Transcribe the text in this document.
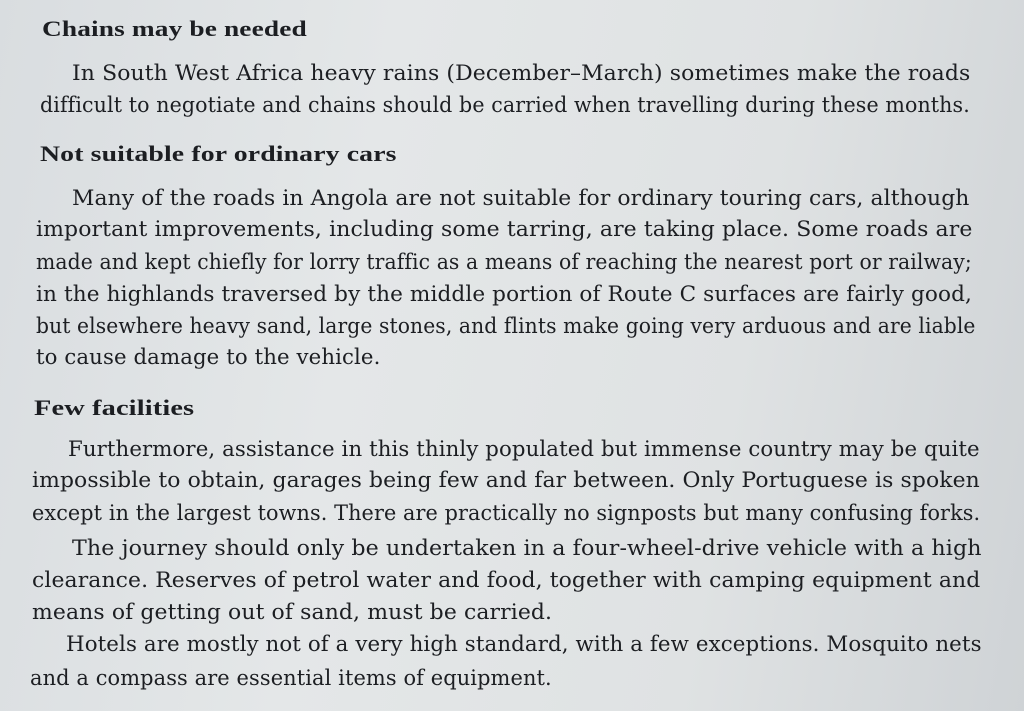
Chains may be needed
In South West Africa heavy rains (December–March) sometimes make the roads
difficult to negotiate and chains should be carried when travelling during these months.
Not suitable for ordinary cars
Many of the roads in Angola are not suitable for ordinary touring cars, although
important improvements, including some tarring, are taking place. Some roads are
made and kept chiefly for lorry traffic as a means of reaching the nearest port or railway;
in the highlands traversed by the middle portion of Route C surfaces are fairly good,
but elsewhere heavy sand, large stones, and flints make going very arduous and are liable
to cause damage to the vehicle.
Few facilities
Furthermore, assistance in this thinly populated but immense country may be quite
impossible to obtain, garages being few and far between. Only Portuguese is spoken
except in the largest towns. There are practically no signposts but many confusing forks.
The journey should only be undertaken in a four-wheel-drive vehicle with a high
clearance. Reserves of petrol water and food, together with camping equipment and
means of getting out of sand, must be carried.
Hotels are mostly not of a very high standard, with a few exceptions. Mosquito nets
and a compass are essential items of equipment.
